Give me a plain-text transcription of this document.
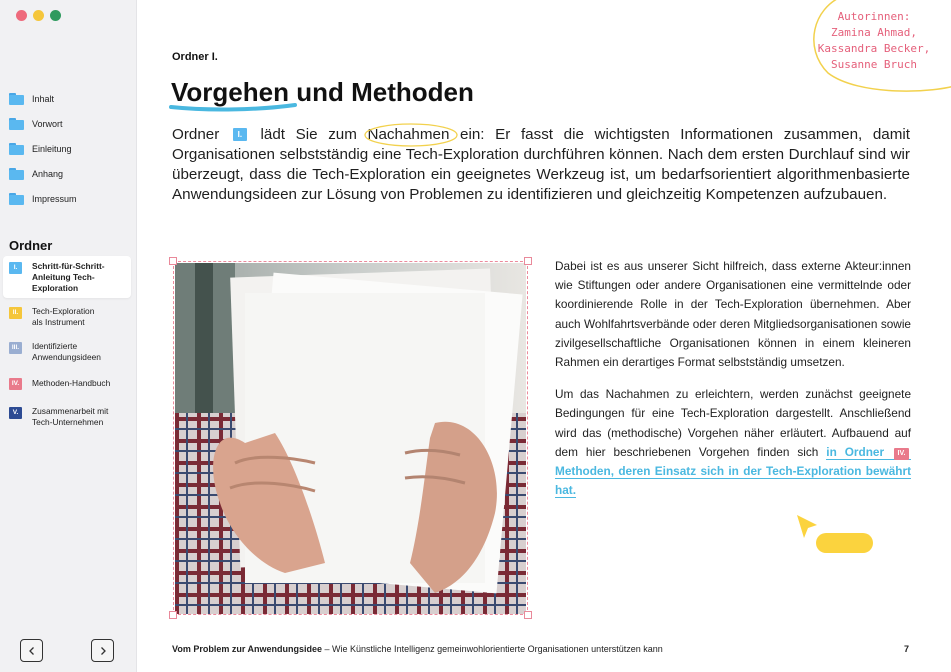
Inhalt
Vorwort
Einleitung
Anhang
Impressum
Ordner
I.	Schritt-für-Schritt-
Anleitung Tech-
Exploration
II.	Tech-Exploration
als Instrument
III.	Identifizierte
Anwendungsideen
IV.	Methoden-Handbuch
V.	Zusammenarbeit mit
Tech-Unternehmen
Autorinnen:
Zamina Ahmad,
Kassandra Becker,
Susanne Bruch
Ordner I.
Vorgehen und Methoden
Ordner I. lädt Sie zum
Nachahmen ein: Er fasst die wichtigsten Informationen zusammen, damit Organisationen selbstständig eine Tech-Exploration durchführen können. Nach dem ersten Durchlauf sind wir überzeugt, dass die Tech-Exploration ein geeignetes Werkzeug ist, um bedarfsorientiert algorithmenbasierte Anwendungsideen zur Lösung von Problemen zu identifizieren und gleichzeitig Kompetenzen aufzubauen.

Dabei ist es aus unserer Sicht hilfreich, dass externe Akteur:innen wie Stiftungen oder andere Organisationen eine vermittelnde oder koordinierende Rolle in der Tech-Exploration übernehmen. Aber auch Wohlfahrtsverbände oder deren Mitgliedsorganisationen sowie zivilgesellschaftliche Organisationen können in einem kleineren Rahmen ein derartiges Format selbstständig umsetzen.

Um das Nachahmen zu erleichtern, werden zunächst geeignete Bedingungen für eine Tech-Exploration dargestellt. Anschließend wird das (methodische) Vorgehen näher erläutert. Aufbauend auf dem hier beschriebenen Vorgehen finden sich in Ordner IV. Methoden, deren Einsatz sich in der Tech-Exploration bewährt hat.

Vom Problem zur Anwendungsidee – Wie Künstliche Intelligenz gemeinwohlorientierte Organisationen unterstützen kann	7
